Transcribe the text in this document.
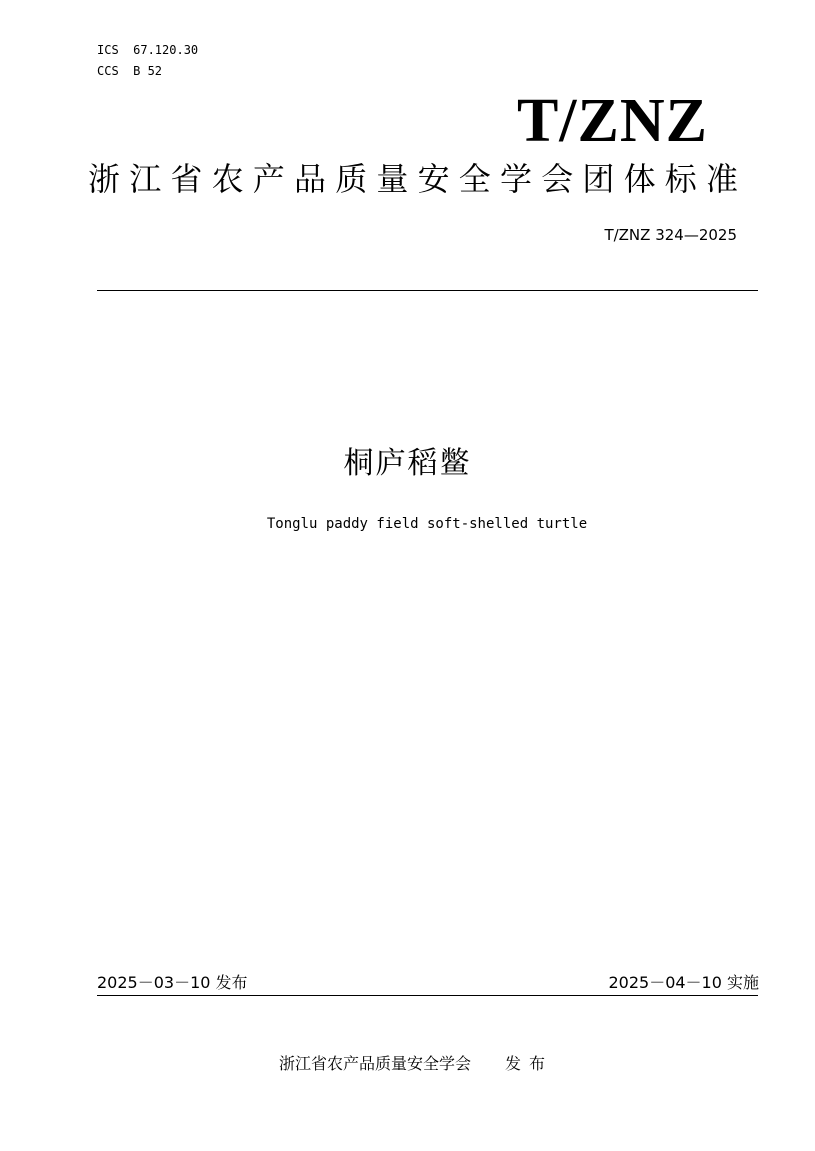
ICS  67.120.30
CCS  B 52
T/ZNZ
浙江省农产品质量安全学会团体标准
T/ZNZ 324—2025
桐庐稻鳖
Tonglu paddy field soft-shelled turtle
2025－03－10 发布	2025－04－10 实施
浙江省农产品质量安全学会 发布
